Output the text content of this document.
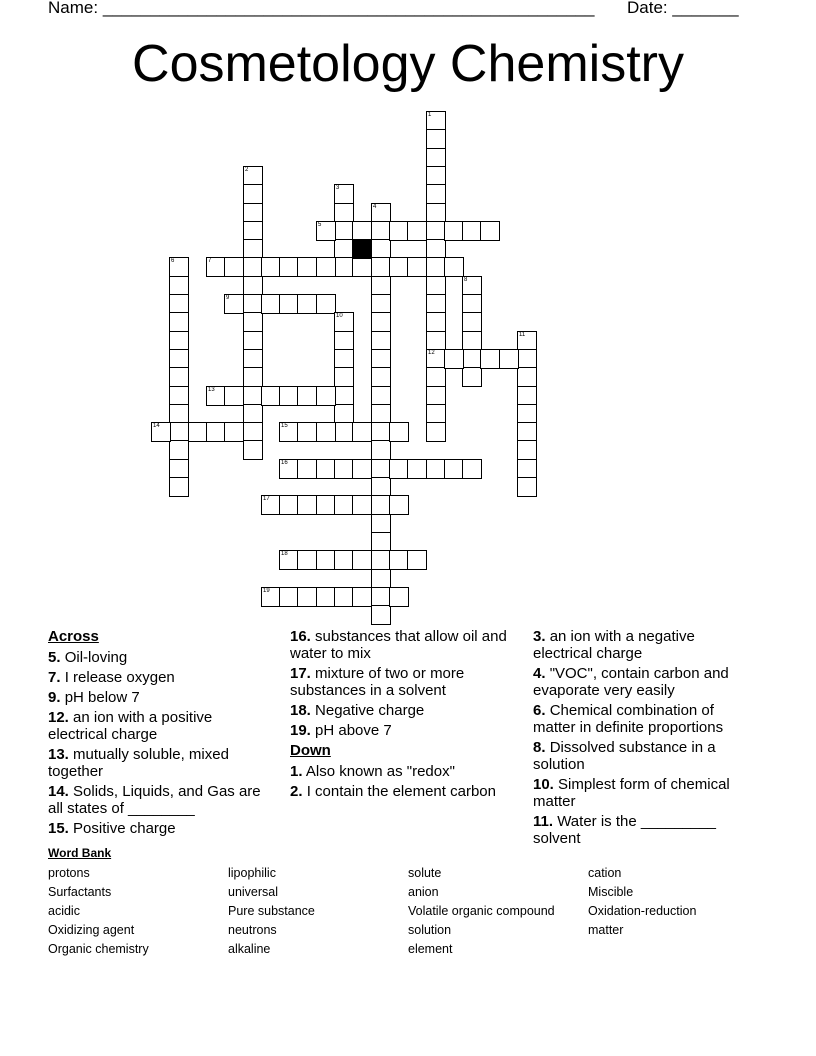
Name: ____________________________________________________ Date: _______
Cosmetology Chemistry
1
12
2
3
4
5
6	7
8
9
10
11
13
14	15
16
17
18
19
Across
5. Oil-loving
7. I release oxygen
9. pH below 7
12. an ion with a positive electrical charge
13. mutually soluble, mixed together
14. Solids, Liquids, and Gas are all states of ________
15. Positive charge
16. substances that allow oil and water to mix
17. mixture of two or more substances in a solvent
18. Negative charge
19. pH above 7
Down
1. Also known as "redox"
2. I contain the element carbon
3. an ion with a negative electrical charge
4. "VOC", contain carbon and evaporate very easily
6. Chemical combination of matter in definite proportions
8. Dissolved substance in a solution
10. Simplest form of chemical matter
11. Water is the _________ solvent
Word Bank
protons
Surfactants
acidic
Oxidizing agent
Organic chemistry
lipophilic
universal
Pure substance
neutrons
alkaline
solute
anion
Volatile organic compound
solution
element
cation
Miscible
Oxidation-reduction
matter
